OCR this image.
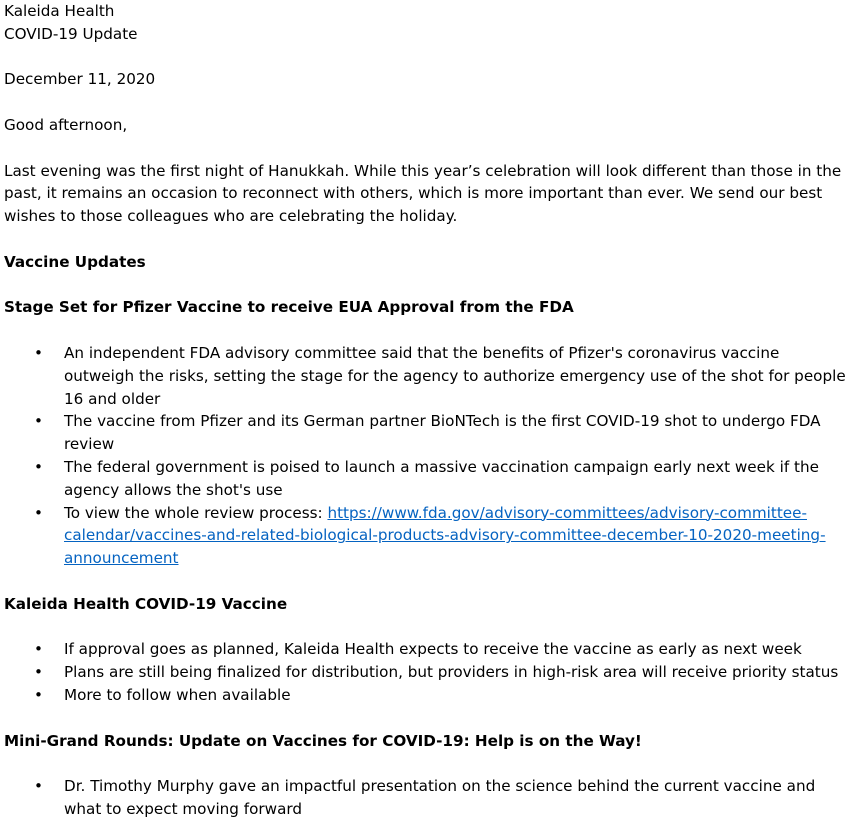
Kaleida Health
COVID-19 Update
December 11, 2020
Good afternoon,

Last evening was the first night of Hanukkah. While this year’s celebration will look different than those in the past, it remains an occasion to reconnect with others, which is more important than ever. We send our best wishes to those colleagues who are celebrating the holiday.

Vaccine Updates
Stage Set for Pfizer Vaccine to receive EUA Approval from the FDA
• An independent FDA advisory committee said that the benefits of Pfizer's coronavirus vaccine outweigh the risks, setting the stage for the agency to authorize emergency use of the shot for people 16 and older
• The vaccine from Pfizer and its German partner BioNTech is the first COVID-19 shot to undergo FDA review
• The federal government is poised to launch a massive vaccination campaign early next week if the agency allows the shot's use
• To view the whole review process: https://www.fda.gov/advisory-committees/advisory-committee-calendar/vaccines-and-related-biological-products-advisory-committee-december-10-2020-meeting-announcement
Kaleida Health COVID-19 Vaccine
• If approval goes as planned, Kaleida Health expects to receive the vaccine as early as next week
• Plans are still being finalized for distribution, but providers in high-risk area will receive priority status
• More to follow when available
Mini-Grand Rounds: Update on Vaccines for COVID-19: Help is on the Way!
• Dr. Timothy Murphy gave an impactful presentation on the science behind the current vaccine and what to expect moving forward
